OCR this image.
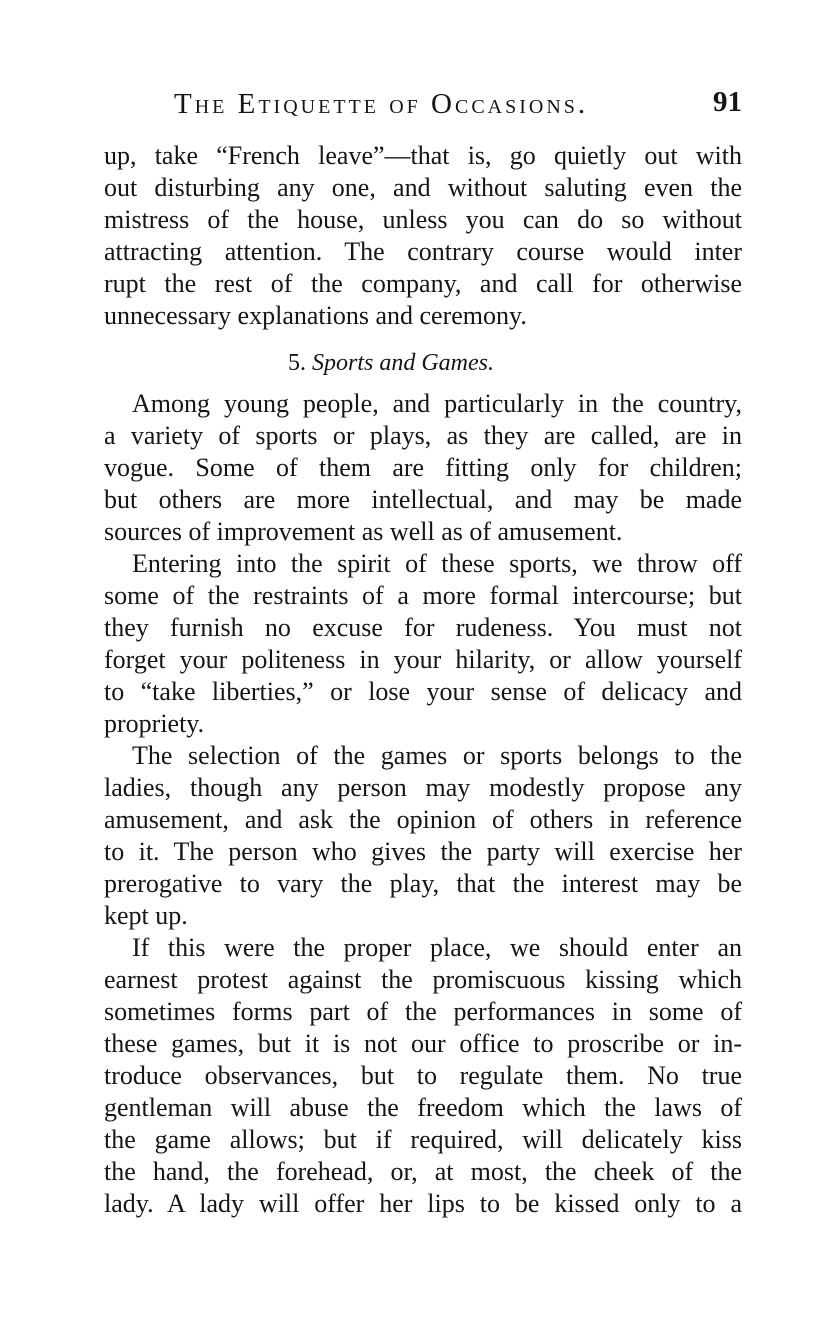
The Etiquette of Occasions.	91
up, take “French leave”—that is, go quietly out with
out disturbing any one, and without saluting even the
mistress of the house, unless you can do so without
attracting attention. The contrary course would inter
rupt the rest of the company, and call for otherwise
unnecessary explanations and ceremony.
5. Sports and Games.
Among young people, and particularly in the country,
a variety of sports or plays, as they are called, are in
vogue. Some of them are fitting only for children;
but others are more intellectual, and may be made
sources of improvement as well as of amusement.
Entering into the spirit of these sports, we throw off
some of the restraints of a more formal intercourse; but
they furnish no excuse for rudeness. You must not
forget your politeness in your hilarity, or allow yourself
to “take liberties,” or lose your sense of delicacy and
propriety.
The selection of the games or sports belongs to the
ladies, though any person may modestly propose any
amusement, and ask the opinion of others in reference
to it. The person who gives the party will exercise her
prerogative to vary the play, that the interest may be
kept up.
If this were the proper place, we should enter an
earnest protest against the promiscuous kissing which
sometimes forms part of the performances in some of
these games, but it is not our office to proscribe or in-
troduce observances, but to regulate them. No true
gentleman will abuse the freedom which the laws of
the game allows; but if required, will delicately kiss
the hand, the forehead, or, at most, the cheek of the
lady. A lady will offer her lips to be kissed only to a
